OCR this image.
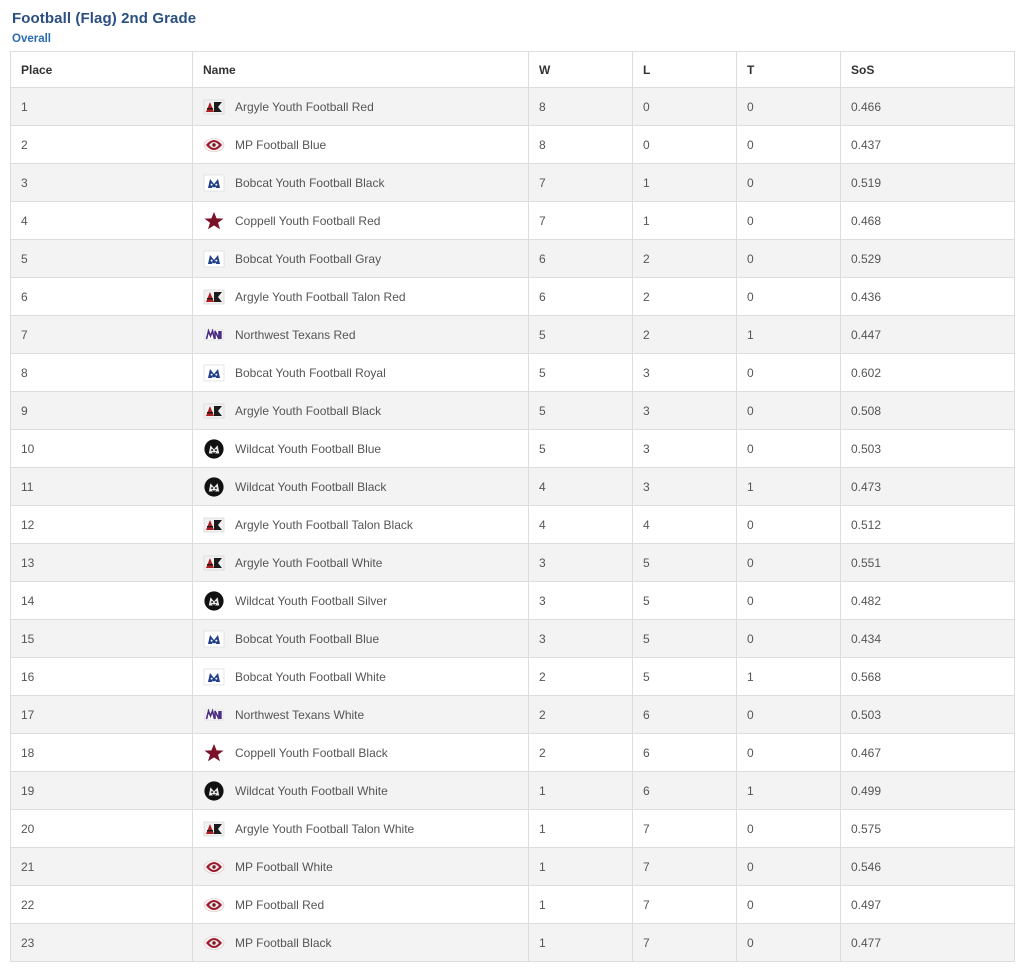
Football (Flag) 2nd Grade
Overall
Place	Name	W	L	T	SoS
1	Argyle Youth Football Red	8	0	0	0.466
2	MP Football Blue	8	0	0	0.437
3	Bobcat Youth Football Black	7	1	0	0.519
4	Coppell Youth Football Red	7	1	0	0.468
5	Bobcat Youth Football Gray	6	2	0	0.529
6	Argyle Youth Football Talon Red	6	2	0	0.436
7	Northwest Texans Red	5	2	1	0.447
8	Bobcat Youth Football Royal	5	3	0	0.602
9	Argyle Youth Football Black	5	3	0	0.508
10	Wildcat Youth Football Blue	5	3	0	0.503
11	Wildcat Youth Football Black	4	3	1	0.473
12	Argyle Youth Football Talon Black	4	4	0	0.512
13	Argyle Youth Football White	3	5	0	0.551
14	Wildcat Youth Football Silver	3	5	0	0.482
15	Bobcat Youth Football Blue	3	5	0	0.434
16	Bobcat Youth Football White	2	5	1	0.568
17	Northwest Texans White	2	6	0	0.503
18	Coppell Youth Football Black	2	6	0	0.467
19	Wildcat Youth Football White	1	6	1	0.499
20	Argyle Youth Football Talon White	1	7	0	0.575
21	MP Football White	1	7	0	0.546
22	MP Football Red	1	7	0	0.497
23	MP Football Black	1	7	0	0.477
